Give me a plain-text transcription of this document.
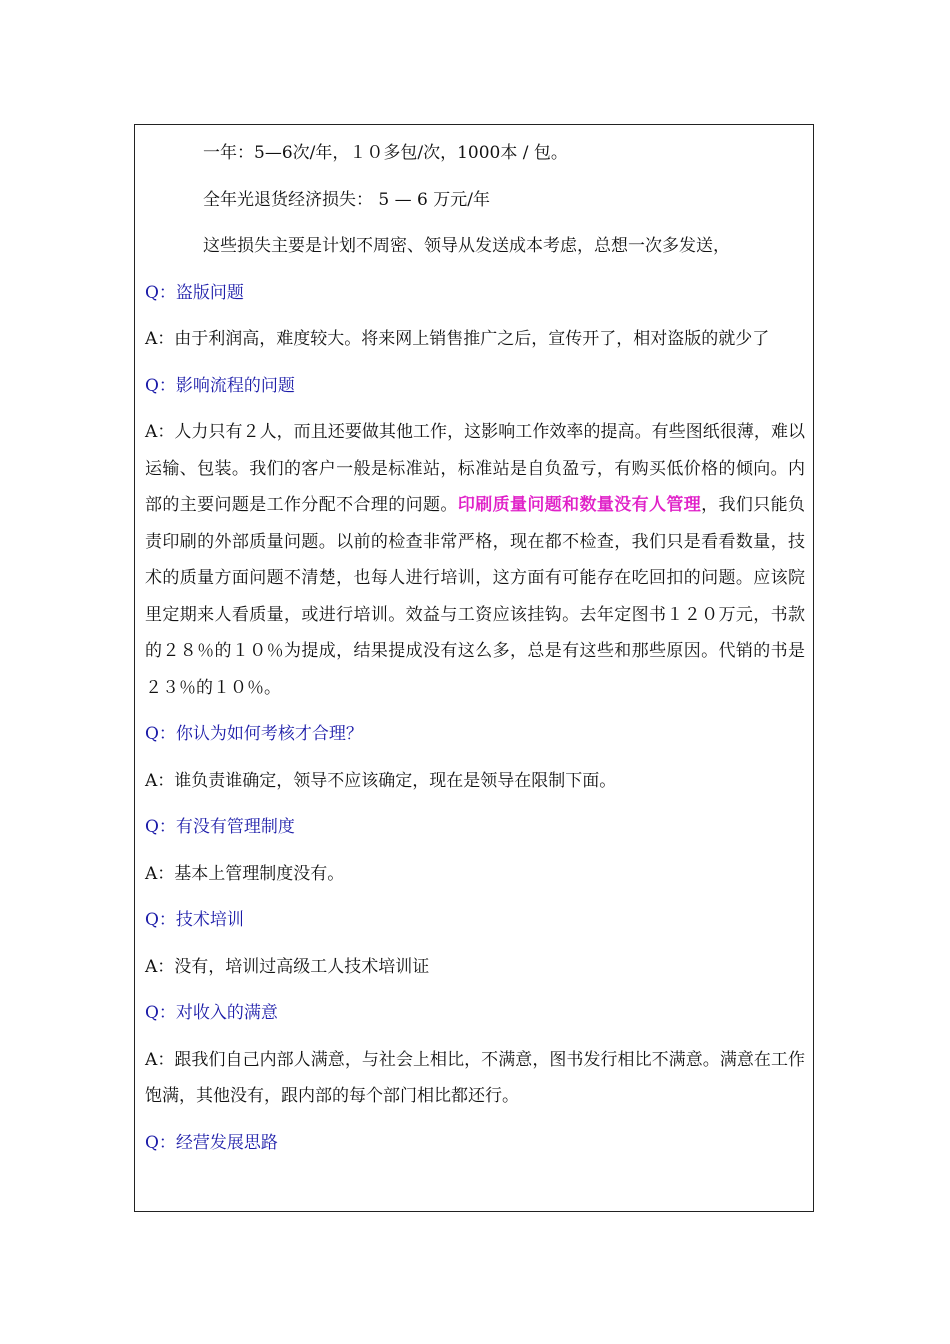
一年：5—6次/年，１０多包/次，1000本 / 包。

全年光退货经济损失： 5 — 6 万元/年

这些损失主要是计划不周密、领导从发送成本考虑，总想一次多发送，

Q：盗版问题

A：由于利润高，难度较大。将来网上销售推广之后，宣传开了，相对盗版的就少了

Q：影响流程的问题

A：人力只有２人，而且还要做其他工作，这影响工作效率的提高。有些图纸很薄，难以运输、包装。我们的客户一般是标准站，标准站是自负盈亏，有购买低价格的倾向。内部的主要问题是工作分配不合理的问题。印刷质量问题和数量没有人管理，我们只能负责印刷的外部质量问题。以前的检查非常严格，现在都不检查，我们只是看看数量，技术的质量方面问题不清楚，也每人进行培训，这方面有可能存在吃回扣的问题。应该院里定期来人看质量，或进行培训。效益与工资应该挂钩。去年定图书１２０万元，书款的２８％的１０％为提成，结果提成没有这么多，总是有这些和那些原因。代销的书是２３％的１０％。

Q：你认为如何考核才合理？

A：谁负责谁确定，领导不应该确定，现在是领导在限制下面。

Q：有没有管理制度

A：基本上管理制度没有。

Q：技术培训

A：没有，培训过高级工人技术培训证

Q：对收入的满意

A：跟我们自己内部人满意，与社会上相比，不满意，图书发行相比不满意。满意在工作饱满，其他没有，跟内部的每个部门相比都还行。

Q：经营发展思路
